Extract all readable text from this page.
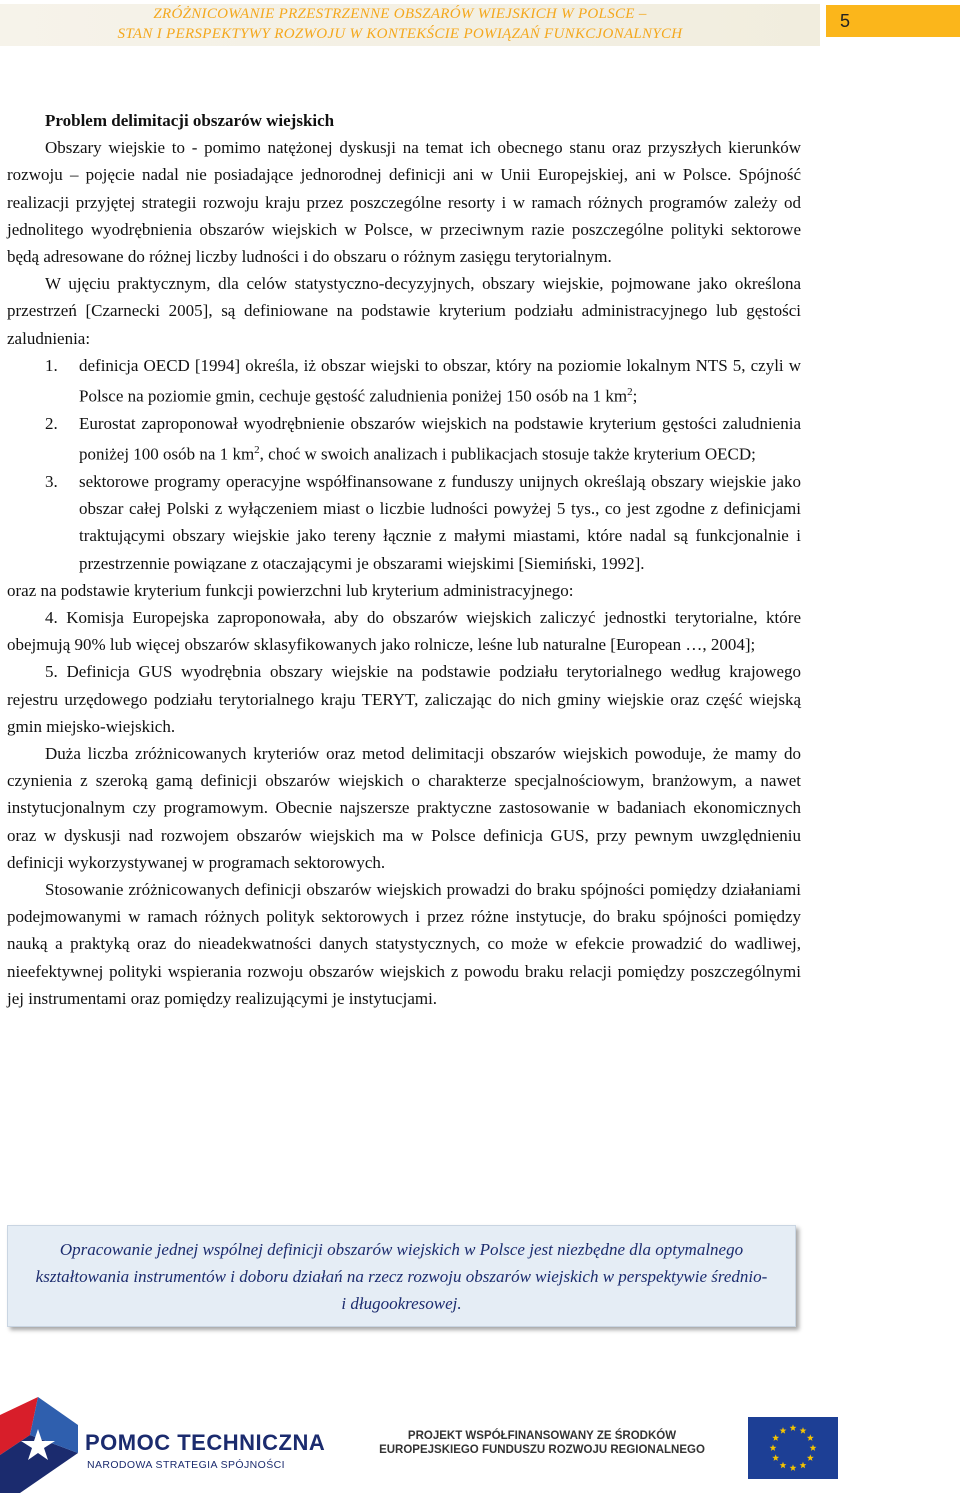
ZRÓŻNICOWANIE PRZESTRZENNE OBSZARÓW WIEJSKICH W POLSCE –
STAN I PERSPEKTYWY ROZWOJU W KONTEKŚCIE POWIĄZAŃ FUNKCJONALNYCH
5

Problem delimitacji obszarów wiejskich

Obszary wiejskie to - pomimo natężonej dyskusji na temat ich obecnego stanu oraz przyszłych kierunków rozwoju – pojęcie nadal nie posiadające jednorodnej definicji ani w Unii Europejskiej, ani w Polsce. Spójność realizacji przyjętej strategii rozwoju kraju przez poszczególne resorty i w ramach różnych programów zależy od jednolitego wyodrębnienia obszarów wiejskich w Polsce, w przeciwnym razie poszczególne polityki sektorowe będą adresowane do różnej liczby ludności i do obszaru o różnym zasięgu terytorialnym.

W ujęciu praktycznym, dla celów statystyczno-decyzyjnych, obszary wiejskie, pojmowane jako określona przestrzeń [Czarnecki 2005], są definiowane na podstawie kryterium podziału administracyjnego lub gęstości zaludnienia:

1.	definicja OECD [1994] określa, iż obszar wiejski to obszar, który na poziomie lokalnym NTS 5, czyli w Polsce na poziomie gmin, cechuje gęstość zaludnienia poniżej 150 osób na 1 $km^2$;
2.	Eurostat zaproponował wyodrębnienie obszarów wiejskich na podstawie kryterium gęstości zaludnienia poniżej 100 osób na 1 $km^2$, choć w swoich analizach i publikacjach stosuje także kryterium OECD;
3.	sektorowe programy operacyjne współfinansowane z funduszy unijnych określają obszary wiejskie jako obszar całej Polski z wyłączeniem miast o liczbie ludności powyżej 5 tys., co jest zgodne z definicjami traktującymi obszary wiejskie jako tereny łącznie z małymi miastami, które nadal są funkcjonalnie i przestrzennie powiązane z otaczającymi je obszarami wiejskimi [Siemiński, 1992].

oraz na podstawie kryterium funkcji powierzchni lub kryterium administracyjnego:

4. Komisja Europejska zaproponowała, aby do obszarów wiejskich zaliczyć jednostki terytorialne, które obejmują 90% lub więcej obszarów sklasyfikowanych jako rolnicze, leśne lub naturalne [European …, 2004];

5. Definicja GUS wyodrębnia obszary wiejskie na podstawie podziału terytorialnego według krajowego rejestru urzędowego podziału terytorialnego kraju TERYT, zaliczając do nich gminy wiejskie oraz część wiejską gmin miejsko-wiejskich.

Duża liczba zróżnicowanych kryteriów oraz metod delimitacji obszarów wiejskich powoduje, że mamy do czynienia z szeroką gamą definicji obszarów wiejskich o charakterze specjalnościowym, branżowym, a nawet instytucjonalnym czy programowym. Obecnie najszersze praktyczne zastosowanie w badaniach ekonomicznych oraz w dyskusji nad rozwojem obszarów wiejskich ma w Polsce definicja GUS, przy pewnym uwzględnieniu definicji wykorzystywanej w programach sektorowych.

Stosowanie zróżnicowanych definicji obszarów wiejskich prowadzi do braku spójności pomiędzy działaniami podejmowanymi w ramach różnych polityk sektorowych i przez różne instytucje, do braku spójności pomiędzy nauką a praktyką oraz do nieadekwatności danych statystycznych, co może w efekcie prowadzić do wadliwej, nieefektywnej polityki wspierania rozwoju obszarów wiejskich z powodu braku relacji pomiędzy poszczególnymi jej instrumentami oraz pomiędzy realizującymi je instytucjami.

Opracowanie jednej wspólnej definicji obszarów wiejskich w Polsce jest niezbędne dla optymalnego kształtowania instrumentów i doboru działań na rzecz rozwoju obszarów wiejskich w perspektywie średnio- i długookresowej.

POMOC TECHNICZNA
NARODOWA STRATEGIA SPÓJNOŚCI
PROJEKT WSPÓŁFINANSOWANY ZE ŚRODKÓW
EUROPEJSKIEGO FUNDUSZU ROZWOJU REGIONALNEGO
